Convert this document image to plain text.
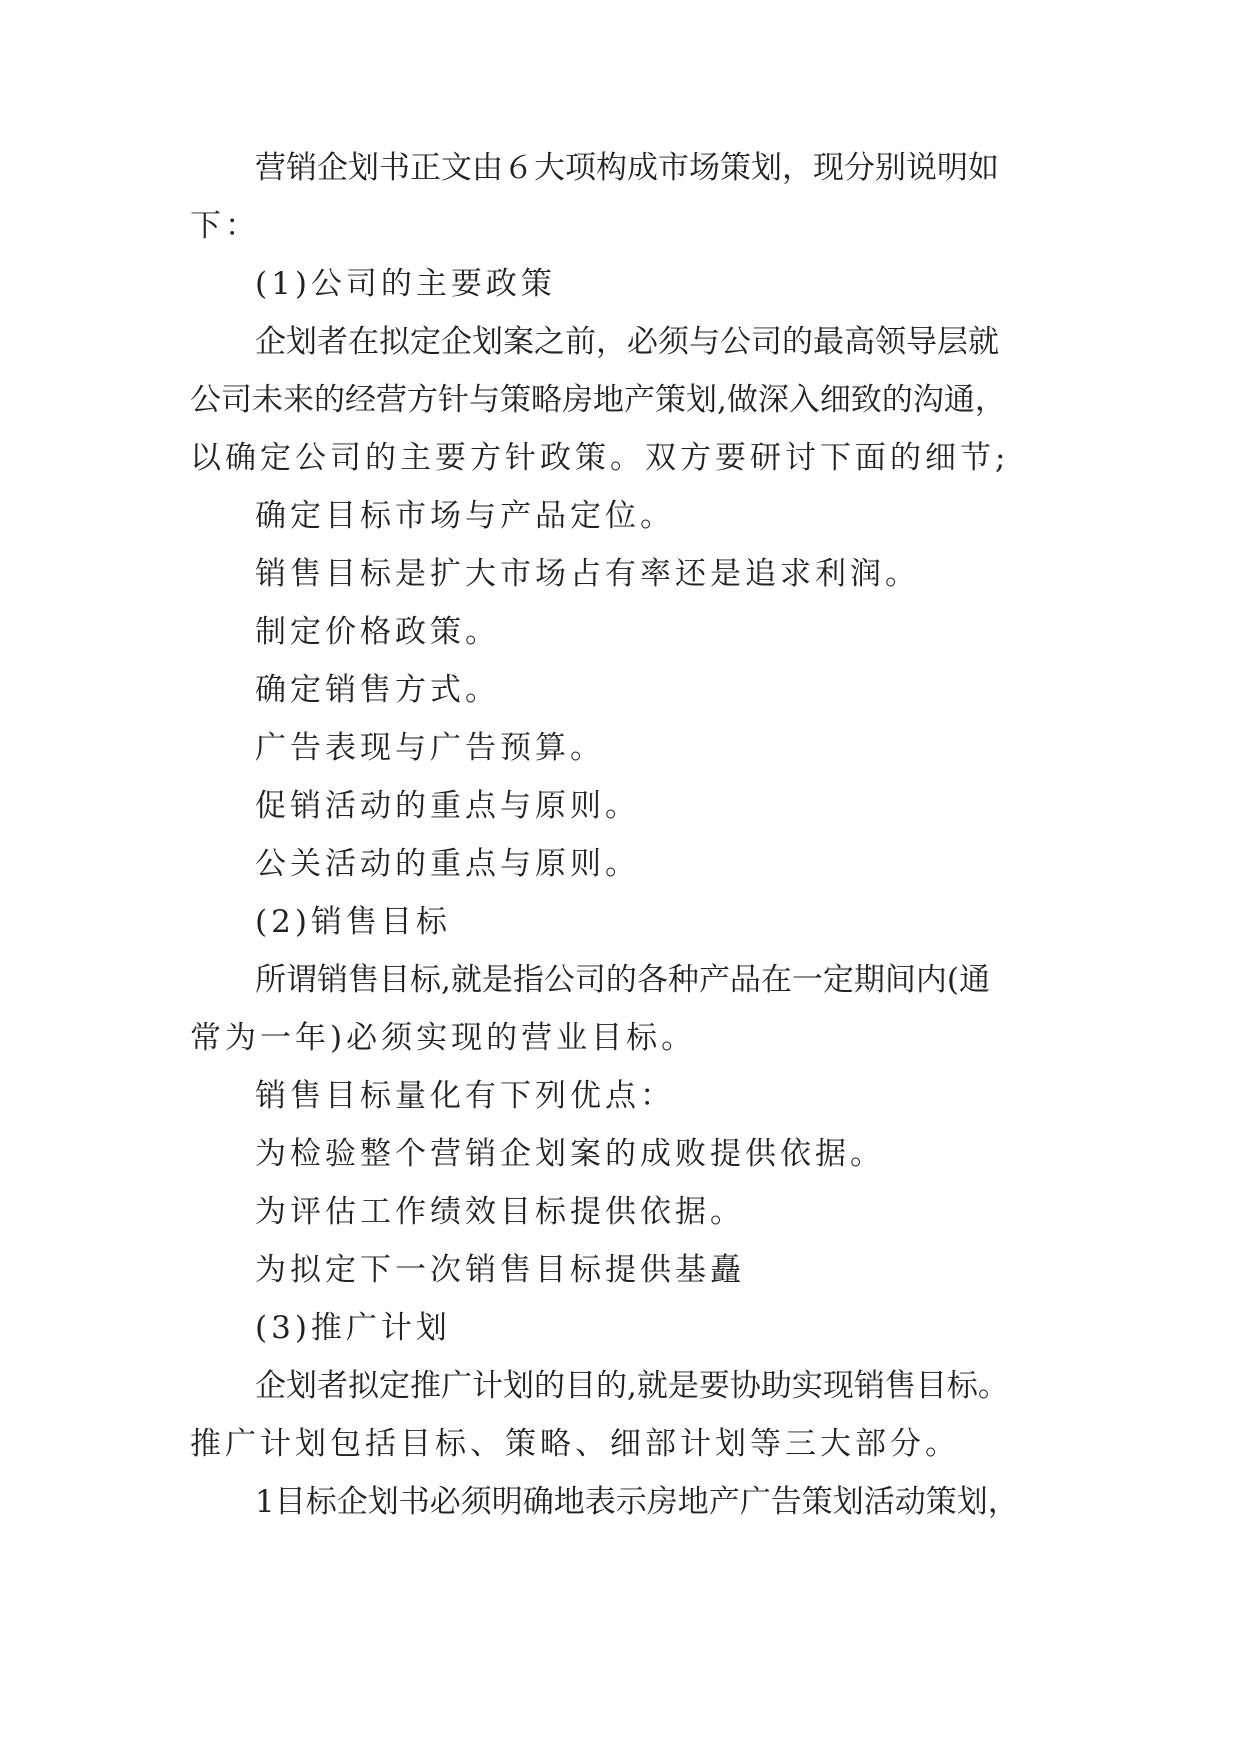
营销企划书正文由６大项构成市场策划，现分别说明如
下：
(1)公司的主要政策
企划者在拟定企划案之前，必须与公司的最高领导层就
公司未来的经营方针与策略房地产策划,做深入细致的沟通，
以确定公司的主要方针政策。双方要研讨下面的细节;
确定目标市场与产品定位。
销售目标是扩大市场占有率还是追求利润。
制定价格政策。
确定销售方式。
广告表现与广告预算。
促销活动的重点与原则。
公关活动的重点与原则。
(2)销售目标
所谓销售目标,就是指公司的各种产品在一定期间内(通
常为一年)必须实现的营业目标。
销售目标量化有下列优点：
为检验整个营销企划案的成败提供依据。
为评估工作绩效目标提供依据。
为拟定下一次销售目标提供基矗
(3)推广计划
企划者拟定推广计划的目的,就是要协助实现销售目标。
推广计划包括目标、策略、细部计划等三大部分。
1目标企划书必须明确地表示房地产广告策划活动策划，
